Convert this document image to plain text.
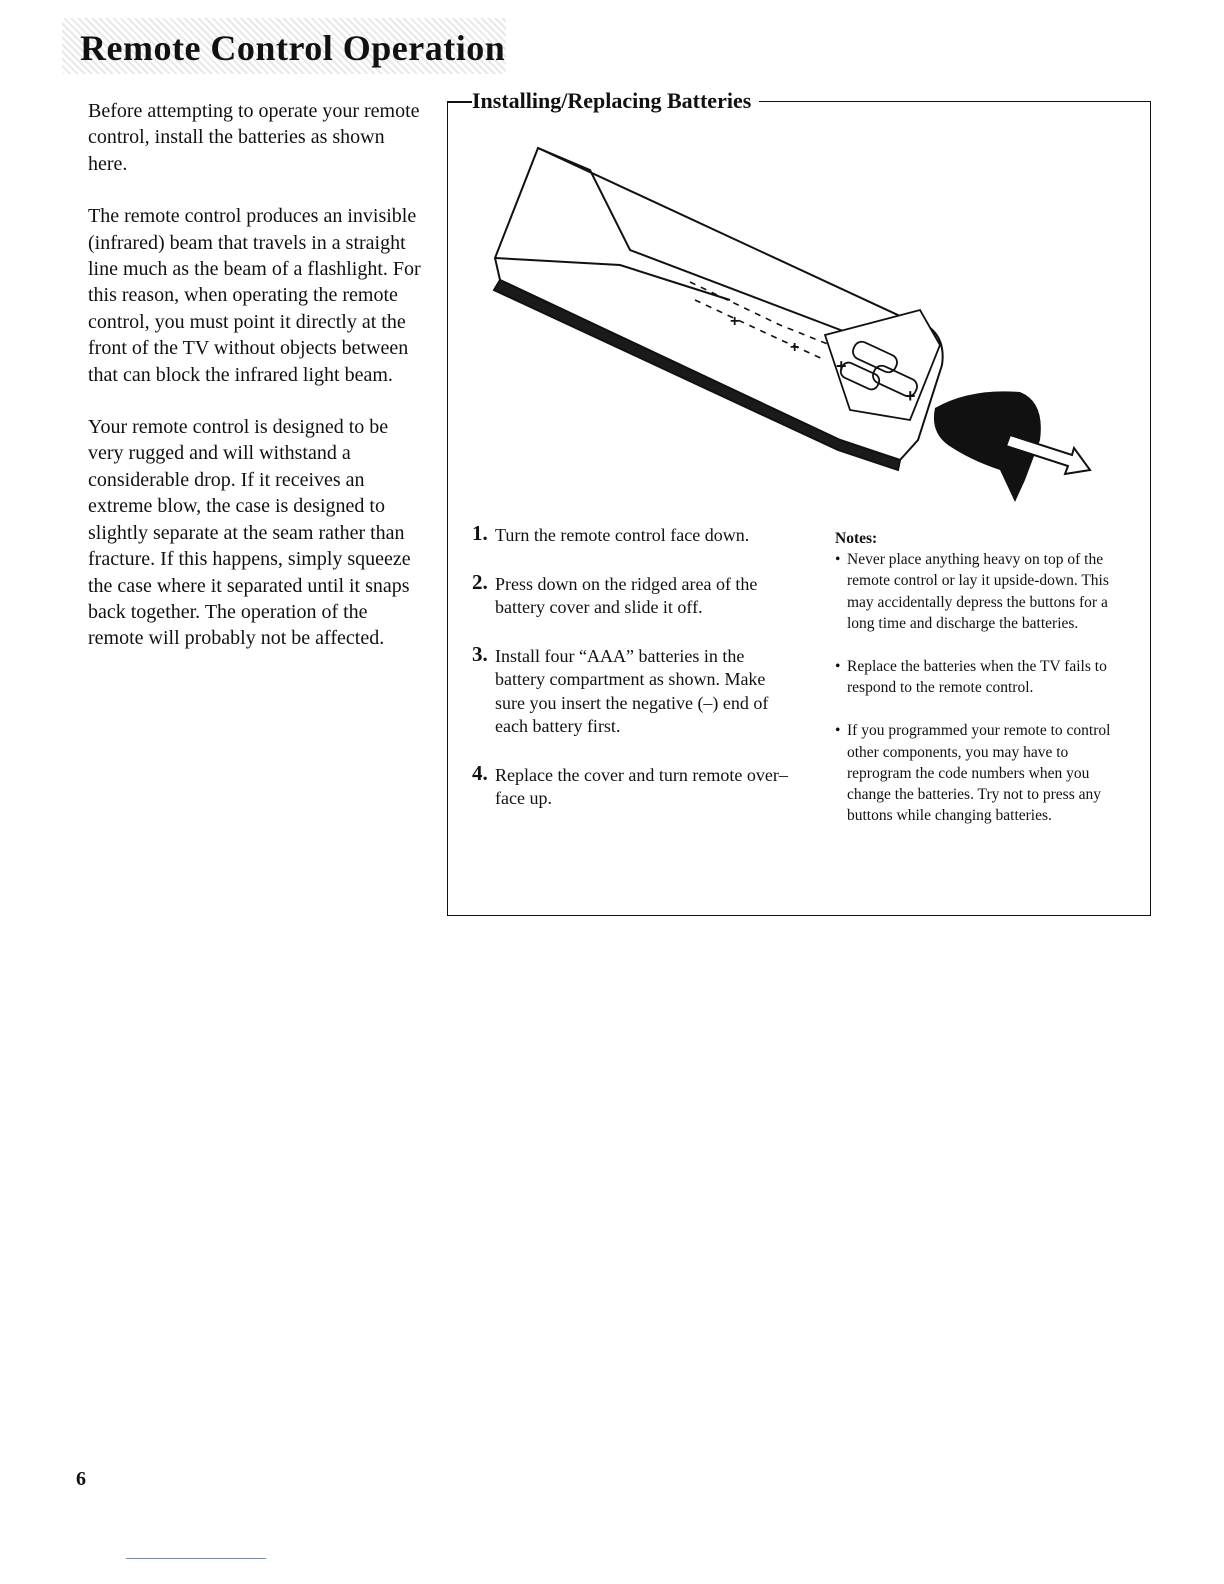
Remote Control Operation

Before attempting to operate your remote control, install the batteries as shown here.

The remote control produces an invisible (infrared) beam that travels in a straight line much as the beam of a flashlight. For this reason, when operating the remote control, you must point it directly at the front of the TV without objects between that can block the infrared light beam.

Your remote control is designed to be very rugged and will withstand a considerable drop. If it receives an extreme blow, the case is designed to slightly separate at the seam rather than fracture. If this happens, simply squeeze the case where it separated until it snaps back together. The operation of the remote will probably not be affected.

Installing/Replacing Batteries
+
+
+
+
1. Turn the remote control face down.
2. Press down on the ridged area of the battery cover and slide it off.
3. Install four “AAA” batteries in the battery compartment as shown. Make sure you insert the negative (–) end of each battery first.
4. Replace the cover and turn remote over–face up.

Notes:

• Never place anything heavy on top of the remote control or lay it upside-down. This may accidentally depress the buttons for a long time and discharge the batteries.
• Replace the batteries when the TV fails to respond to the remote control.
• If you programmed your remote to control other components, you may have to reprogram the code numbers when you change the batteries. Try not to press any buttons while changing batteries.
6
